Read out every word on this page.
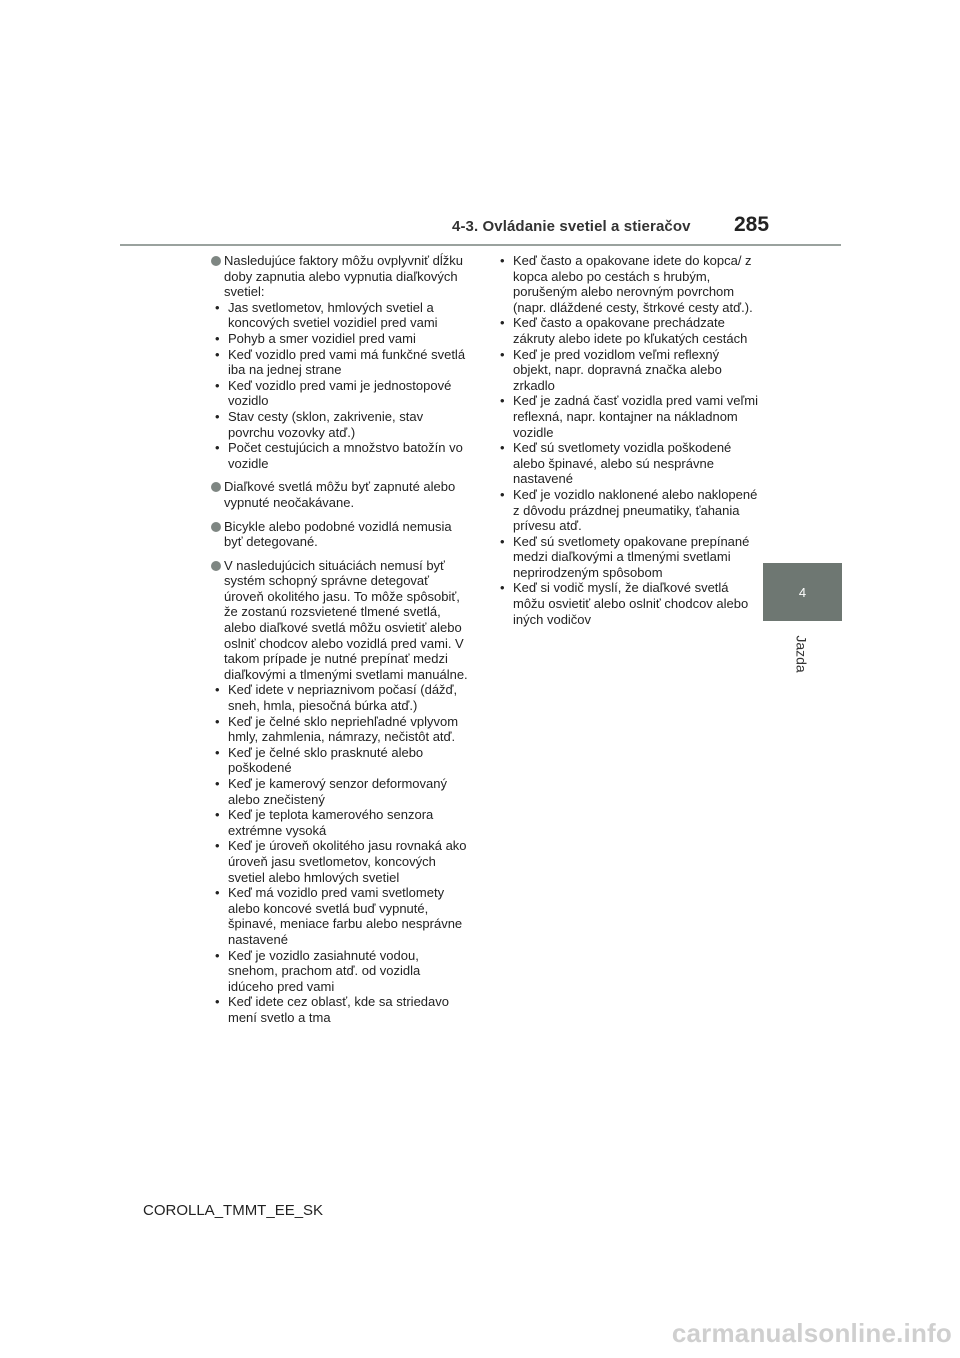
4-3. Ovládanie svetiel a stieračov 285
4
Jazda
Nasledujúce faktory môžu ovplyvniť dĺžku doby zapnutia alebo vypnutia diaľkových svetiel:
• Jas svetlometov, hmlových svetiel a koncových svetiel vozidiel pred vami
• Pohyb a smer vozidiel pred vami
• Keď vozidlo pred vami má funkčné svetlá iba na jednej strane
• Keď vozidlo pred vami je jednostopové vozidlo
• Stav cesty (sklon, zakrivenie, stav povrchu vozovky atď.)
• Počet cestujúcich a množstvo batožín vo vozidle
Diaľkové svetlá môžu byť zapnuté alebo vypnuté neočakávane.
Bicykle alebo podobné vozidlá nemusia byť detegované.
V nasledujúcich situáciách nemusí byť systém schopný správne detegovať úroveň okolitého jasu. To môže spôsobiť, že zostanú rozsvietené tlmené svetlá, alebo diaľkové svetlá môžu osvietiť alebo oslniť chodcov alebo vozidlá pred vami. V takom prípade je nutné prepínať medzi diaľkovými a tlmenými svetlami manuálne.
• Keď idete v nepriaznivom počasí (dážď, sneh, hmla, piesočná búrka atď.)
• Keď je čelné sklo nepriehľadné vplyvom hmly, zahmlenia, námrazy, nečistôt atď.
• Keď je čelné sklo prasknuté alebo poškodené
• Keď je kamerový senzor deformovaný alebo znečistený
• Keď je teplota kamerového senzora extrémne vysoká
• Keď je úroveň okolitého jasu rovnaká ako úroveň jasu svetlometov, koncových svetiel alebo hmlových svetiel
• Keď má vozidlo pred vami svetlomety alebo koncové svetlá buď vypnuté, špinavé, meniace farbu alebo nesprávne nastavené
• Keď je vozidlo zasiahnuté vodou, snehom, prachom atď. od vozidla idúceho pred vami
• Keď idete cez oblasť, kde sa striedavo mení svetlo a tma
• Keď často a opakovane idete do kopca/ z kopca alebo po cestách s hrubým, porušeným alebo nerovným povrchom (napr. dláždené cesty, štrkové cesty atď.).
• Keď často a opakovane prechádzate zákruty alebo idete po kľukatých cestách
• Keď je pred vozidlom veľmi reflexný objekt, napr. dopravná značka alebo zrkadlo
• Keď je zadná časť vozidla pred vami veľmi reflexná, napr. kontajner na nákladnom vozidle
• Keď sú svetlomety vozidla poškodené alebo špinavé, alebo sú nesprávne nastavené
• Keď je vozidlo naklonené alebo naklopené z dôvodu prázdnej pneumatiky, ťahania prívesu atď.
• Keď sú svetlomety opakovane prepínané medzi diaľkovými a tlmenými svetlami neprirodzeným spôsobom
• Keď si vodič myslí, že diaľkové svetlá môžu osvietiť alebo oslniť chodcov alebo iných vodičov
COROLLA_TMMT_EE_SK
carmanualsonline.info
